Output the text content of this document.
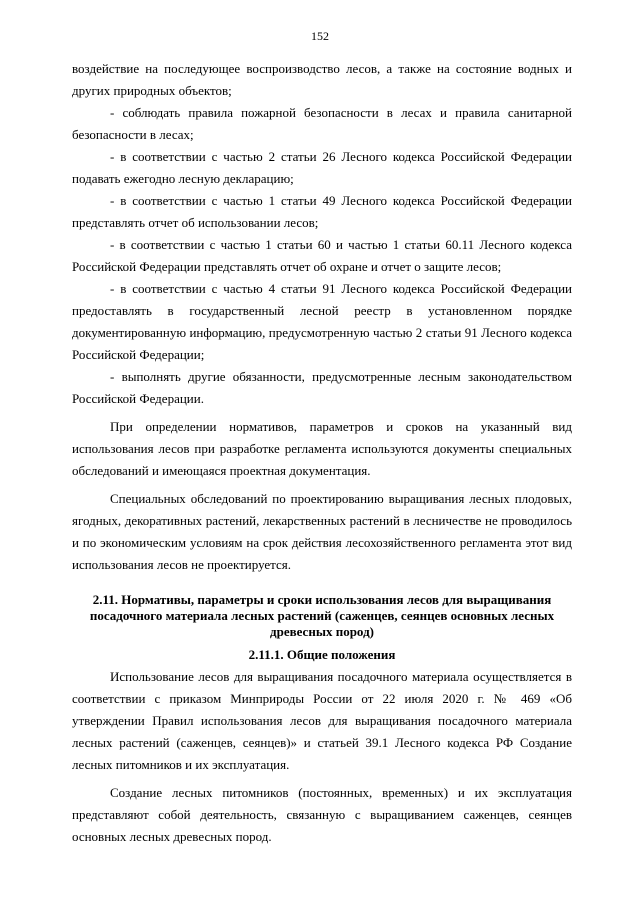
152

воздействие на последующее воспроизводство лесов, а также на состояние водных и других природных объектов;

- соблюдать правила пожарной безопасности в лесах и правила санитарной безопасности в лесах;

- в соответствии с частью 2 статьи 26 Лесного кодекса Российской Федерации подавать ежегодно лесную декларацию;

- в соответствии с частью 1 статьи 49 Лесного кодекса Российской Федерации представлять отчет об использовании лесов;

- в соответствии с частью 1 статьи 60 и частью 1 статьи 60.11 Лесного кодекса Российской Федерации представлять отчет об охране и отчет о защите лесов;

- в соответствии с частью 4 статьи 91 Лесного кодекса Российской Федерации предоставлять в государственный лесной реестр в установленном порядке документированную информацию, предусмотренную частью 2 статьи 91 Лесного кодекса Российской Федерации;

- выполнять другие обязанности, предусмотренные лесным законодательством Российской Федерации.

При определении нормативов, параметров и сроков на указанный вид использования лесов при разработке регламента используются документы специальных обследований и имеющаяся проектная документация.

Специальных обследований по проектированию выращивания лесных плодовых, ягодных, декоративных растений, лекарственных растений в лесничестве не проводилось и по экономическим условиям на срок действия лесохозяйственного регламента этот вид использования лесов не проектируется.

2.11. Нормативы, параметры и сроки использования лесов для выращивания посадочного материала лесных растений (саженцев, сеянцев основных лесных древесных пород)
2.11.1. Общие положения

Использование лесов для выращивания посадочного материала осуществляется в соответствии с приказом Минприроды России от 22 июля 2020 г. № 469 «Об утверждении Правил использования лесов для выращивания посадочного материала лесных растений (саженцев, сеянцев)» и статьей 39.1 Лесного кодекса РФ Создание лесных питомников и их эксплуатация.

Создание лесных питомников (постоянных, временных) и их эксплуатация представляют собой деятельность, связанную с выращиванием саженцев, сеянцев основных лесных древесных пород.
